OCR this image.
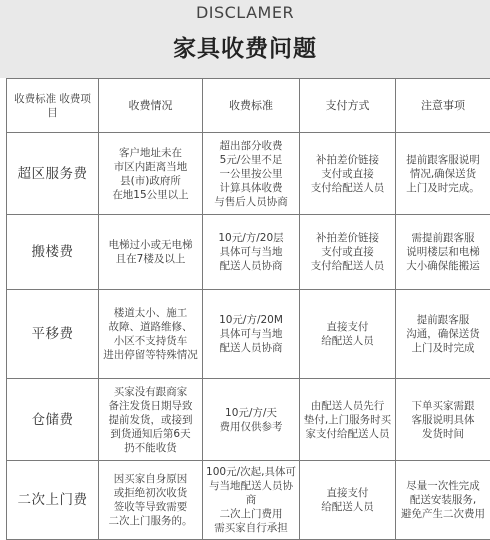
DISCLAMER
家具收费问题
收费标准 收费项目	收费情况	收费标准	支付方式	注意事项
超区服务费	客户地址未在
市区内距离当地
县(市)政府所
在地15公里以上	超出部分收费
5元/公里不足
一公里按公里
计算具体收费
与售后人员协商	补拍差价链接
支付或直接
支付给配送人员	提前跟客服说明
情况,确保送货
上门及时完成。

搬楼费	电梯过小或无电梯
且在7楼及以上	10元/方/20层
具体可与当地
配送人员协商	补拍差价链接
支付或直接
支付给配送人员	需提前跟客服
说明楼层和电梯
大小确保能搬运

平移费	楼道太小、施工
故障、道路维修、
小区不支持货车
进出停留等特殊情况	10元/方/20M
具体可与当地
配送人员协商	直接支付
给配送人员	提前跟客服
沟通，确保送货
上门及时完成

仓储费	买家没有跟商家
备注发货日期导致
提前发货，或接到
到货通知后第6天
扔不能收货	10元/方/天
费用仅供参考	由配送人员先行
垫付,上门服务时买
家支付给配送人员	下单买家需跟
客服说明具体
发货时间

二次上门费	因买家自身原因
或拒绝初次收货
签收等导致需要
二次上门服务的。	100元/次起,具体可
与当地配送人员协商
二次上门费用
需买家自行承担	直接支付
给配送人员	尽量一次性完成
配送安装服务,
避免产生二次费用
